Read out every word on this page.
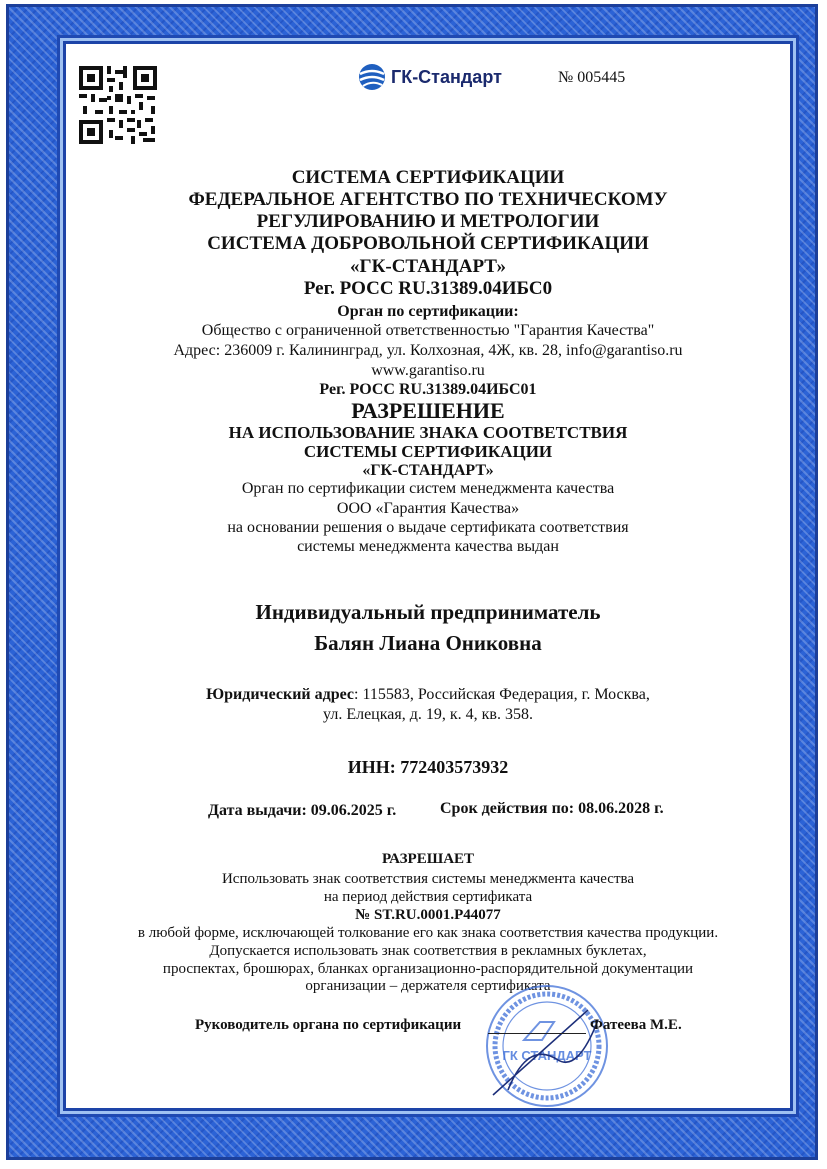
ГК-Стандарт	№ 005445
СИСТЕМА СЕРТИФИКАЦИИ
ФЕДЕРАЛЬНОЕ АГЕНТСТВО ПО ТЕХНИЧЕСКОМУ
РЕГУЛИРОВАНИЮ И МЕТРОЛОГИИ
СИСТЕМА ДОБРОВОЛЬНОЙ СЕРТИФИКАЦИИ
«ГК-СТАНДАРТ»
Рег. РОСС RU.31389.04ИБС0
Орган по сертификации:
Общество с ограниченной ответственностью "Гарантия Качества"
Адрес: 236009 г. Калининград, ул. Колхозная, 4Ж, кв. 28, info@garantiso.ru
www.garantiso.ru
Рег. РОСС RU.31389.04ИБС01
РАЗРЕШЕНИЕ
НА ИСПОЛЬЗОВАНИЕ ЗНАКА СООТВЕТСТВИЯ
СИСТЕМЫ СЕРТИФИКАЦИИ
«ГК-СТАНДАРТ»
Орган по сертификации систем менеджмента качества
ООО «Гарантия Качества»
на основании решения о выдаче сертификата соответствия
системы менеджмента качества выдан
Индивидуальный предприниматель
Балян Лиана Ониковна
Юридический адрес: 115583, Российская Федерация, г. Москва,
ул. Елецкая, д. 19, к. 4, кв. 358.
ИНН: 772403573932
Дата выдачи: 09.06.2025 г.	Срок действия по: 08.06.2028 г.
РАЗРЕШАЕТ
Использовать знак соответствия системы менеджмента качества
на период действия сертификата
№ ST.RU.0001.P44077
в любой форме, исключающей толкование его как знака соответствия качества продукции.
Допускается использовать знак соответствия в рекламных буклетах,
проспектах, брошюрах, бланках организационно-распорядительной документации
организации – держателя сертификата
ГК СТАНДАРТ
Руководитель органа по сертификации	Фатеева М.Е.
